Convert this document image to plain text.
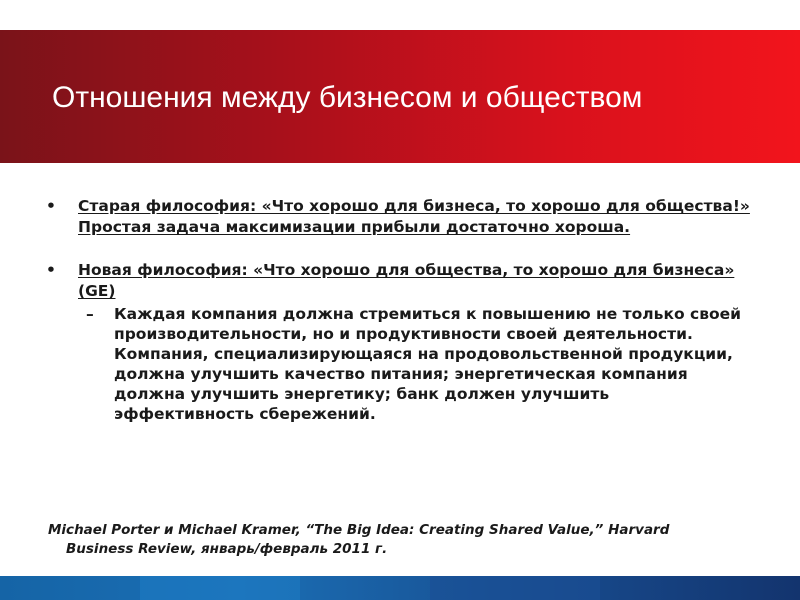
Отношения между бизнесом и обществом
• Старая философия: «Что хорошо для бизнеса, то хорошо для общества!» Простая задача максимизации прибыли достаточно хороша.
• Новая философия: «Что хорошо для общества, то хорошо для бизнеса» (GE)
– Каждая компания должна стремиться к повышению не только своей производительности, но и продуктивности своей деятельности. Компания, специализирующаяся на продовольственной продукции, должна улучшить качество питания; энергетическая компания должна улучшить энергетику; банк должен улучшить эффективность сбережений.
Michael Porter и Michael Kramer, “The Big Idea: Creating Shared Value,” Harvard
Business Review, январь/февраль 2011 г.
